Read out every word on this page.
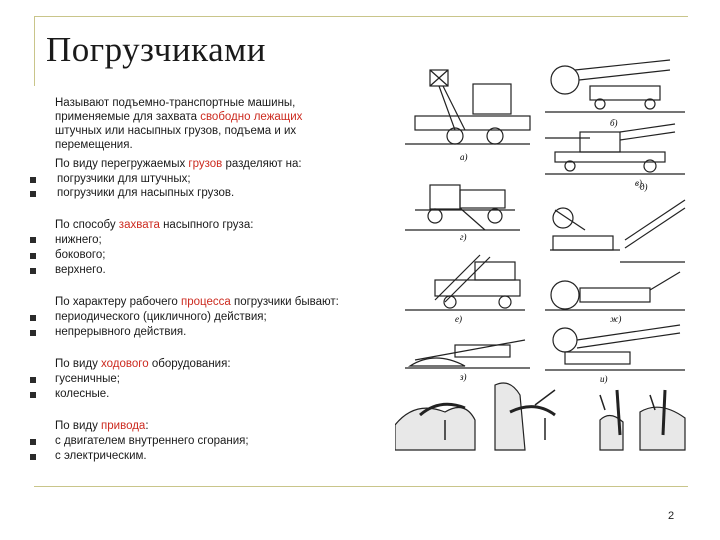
Погрузчиками
Называют подъемно-транспортные машины,
применяемые для захвата свободно лежащих
штучных или насыпных грузов, подъема и их
перемещения.
По виду перегружаемых грузов разделяют на:
погрузчики для штучных;
погрузчики для насыпных грузов.
По способу захвата насыпного груза:
нижнего;
бокового;
верхнего.
По характеру рабочего процесса погрузчики бывают:
периодического (цикличного) действия;
непрерывного действия.
По виду ходового оборудования:
гусеничные;
колесные.
По виду привода:
с двигателем внутреннего сгорания;
с электрическим.
а)
б)
в)
г)
д)
е)	ж)
з)	и)
2
